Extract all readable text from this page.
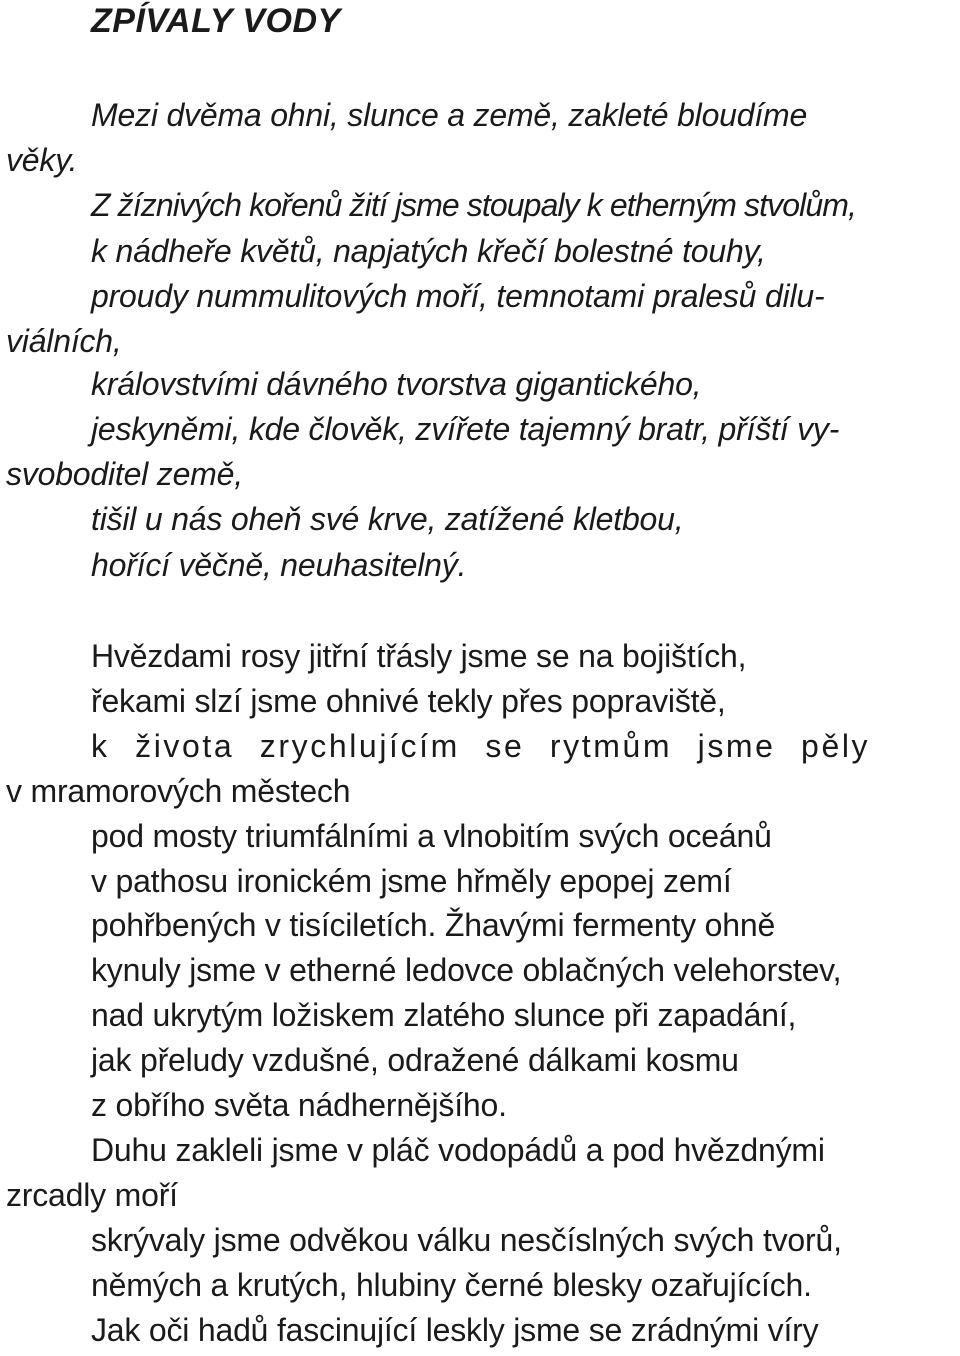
ZPÍVALY VODY
Mezi dvěma ohni, slunce a země, zakleté bloudíme
věky.
Z žíznivých kořenů žití jsme stoupaly k etherným stvolům,
k nádheře květů, napjatých křečí bolestné touhy,
proudy nummulitových moří, temnotami pralesů dilu-
viálních,
královstvími dávného tvorstva gigantického,
jeskyněmi, kde člověk, zvířete tajemný bratr, příští vy-
svoboditel země,
tišil u nás oheň své krve, zatížené kletbou,
hořící věčně, neuhasitelný.
Hvězdami rosy jitřní třásly jsme se na bojištích,
řekami slzí jsme ohnivé tekly přes popraviště,
k života zrychlujícím se rytmům jsme pěly
v mramorových městech
pod mosty triumfálními a vlnobitím svých oceánů
v pathosu ironickém jsme hřměly epopej zemí
pohřbených v tisíciletích. Žhavými fermenty ohně
kynuly jsme v etherné ledovce oblačných velehorstev,
nad ukrytým ložiskem zlatého slunce při zapadání,
jak přeludy vzdušné, odražené dálkami kosmu
z obřího světa nádhernějšího.
Duhu zakleli jsme v pláč vodopádů a pod hvězdnými
zrcadly moří
skrývaly jsme odvěkou válku nesčíslných svých tvorů,
němých a krutých, hlubiny černé blesky ozařujících.
Jak oči hadů fascinující leskly jsme se zrádnými víry
